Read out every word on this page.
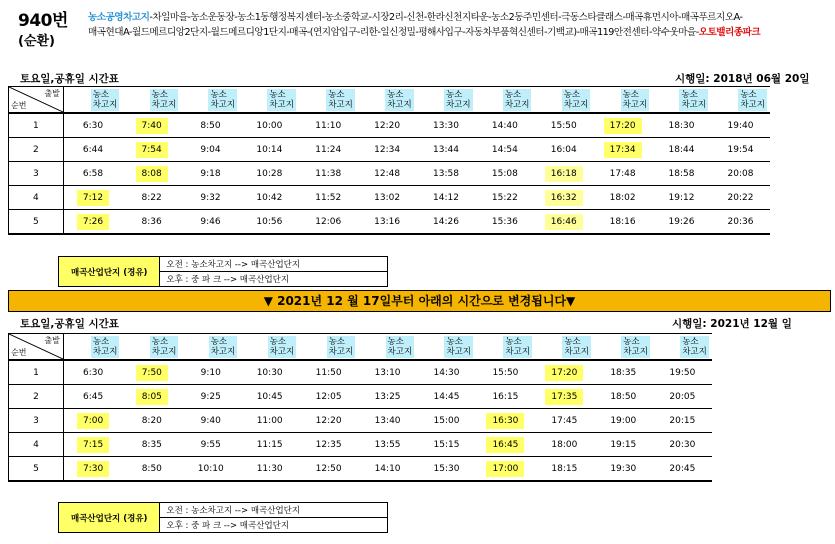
940번
(순환)
농소공영차고지-차일마을-농소운동장-농소1동행정복지센터-농소중학교-시장2리-신천-한라신천지타운-농소2동주민센터-극동스타클래스-매곡휴먼시아-매곡푸르지오A-
매곡현대A-월드메르디앙2단지-월드메르디앙1단지-매곡-(연지암입구-리한-일신정밀-평해사입구-자동차부품혁신센터-기백교)-매곡119안전센터-약수웃마을-오토밸리종파크
토요일,공휴일 시간표	시행일: 2018년 06월 20일
출발
순번		농소
차고지		농소
차고지		농소
차고지		농소
차고지		농소
차고지		농소
차고지		농소
차고지		농소
차고지		농소
차고지		농소
차고지		농소
차고지		농소
차고지
1	6:30		7:40		8:50		10:00		11:10		12:20		13:30		14:40		15:50		17:20		18:30		19:40	
2	6:44		7:54		9:04		10:14		11:24		12:34		13:44		14:54		16:04		17:34		18:44		19:54	
3	6:58		8:08		9:18		10:28		11:38		12:48		13:58		15:08		16:18		17:48		18:58		20:08	
4	7:12		8:22		9:32		10:42		11:52		13:02		14:12		15:22		16:32		18:02		19:12		20:22	
5	7:26		8:36		9:46		10:56		12:06		13:16		14:26		15:36		16:46		18:16		19:26		20:36	
매곡산업단지 (경유)	오전 : 농소차고지 --> 매곡산업단지
오후 : 중 파 크 --> 매곡산업단지
▼ 2021년 12 월 17일부터 아래의 시간으로 변경됩니다▼
토요일,공휴일 시간표	시행일: 2021년 12월 일
출발
순번		농소
차고지		농소
차고지		농소
차고지		농소
차고지		농소
차고지		농소
차고지		농소
차고지		농소
차고지		농소
차고지		농소
차고지		농소
차고지
1	6:30		7:50		9:10		10:30		11:50		13:10		14:30		15:50		17:20		18:35		19:50	
2	6:45		8:05		9:25		10:45		12:05		13:25		14:45		16:15		17:35		18:50		20:05	
3	7:00		8:20		9:40		11:00		12:20		13:40		15:00		16:30		17:45		19:00		20:15	
4	7:15		8:35		9:55		11:15		12:35		13:55		15:15		16:45		18:00		19:15		20:30	
5	7:30		8:50		10:10		11:30		12:50		14:10		15:30		17:00		18:15		19:30		20:45	
매곡산업단지 (경유)	오전 : 농소차고지 --> 매곡산업단지
오후 : 중 파 크 --> 매곡산업단지
